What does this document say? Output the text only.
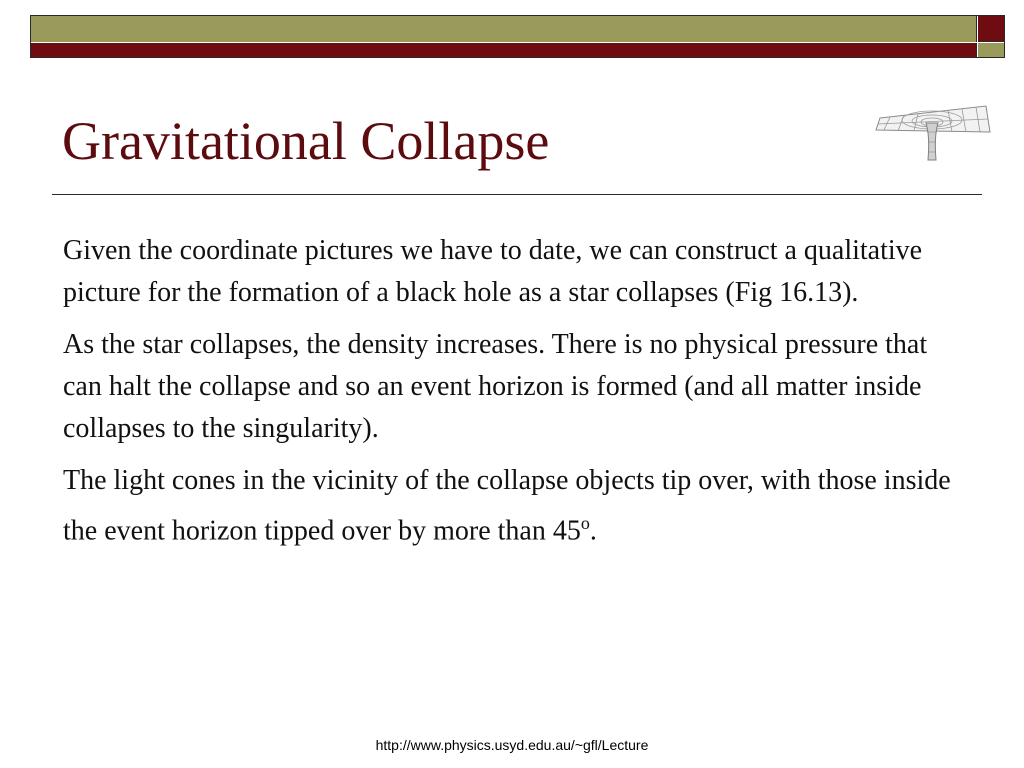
Gravitational Collapse

Given the coordinate pictures we have to date, we can construct a qualitative picture for the formation of a black hole as a star collapses (Fig 16.13).

As the star collapses, the density increases. There is no physical pressure that can halt the collapse and so an event horizon is formed (and all matter inside collapses to the singularity).

The light cones in the vicinity of the collapse objects tip over, with those inside the event horizon tipped over by more than 45$^o$.

http://www.physics.usyd.edu.au/~gfl/Lecture
